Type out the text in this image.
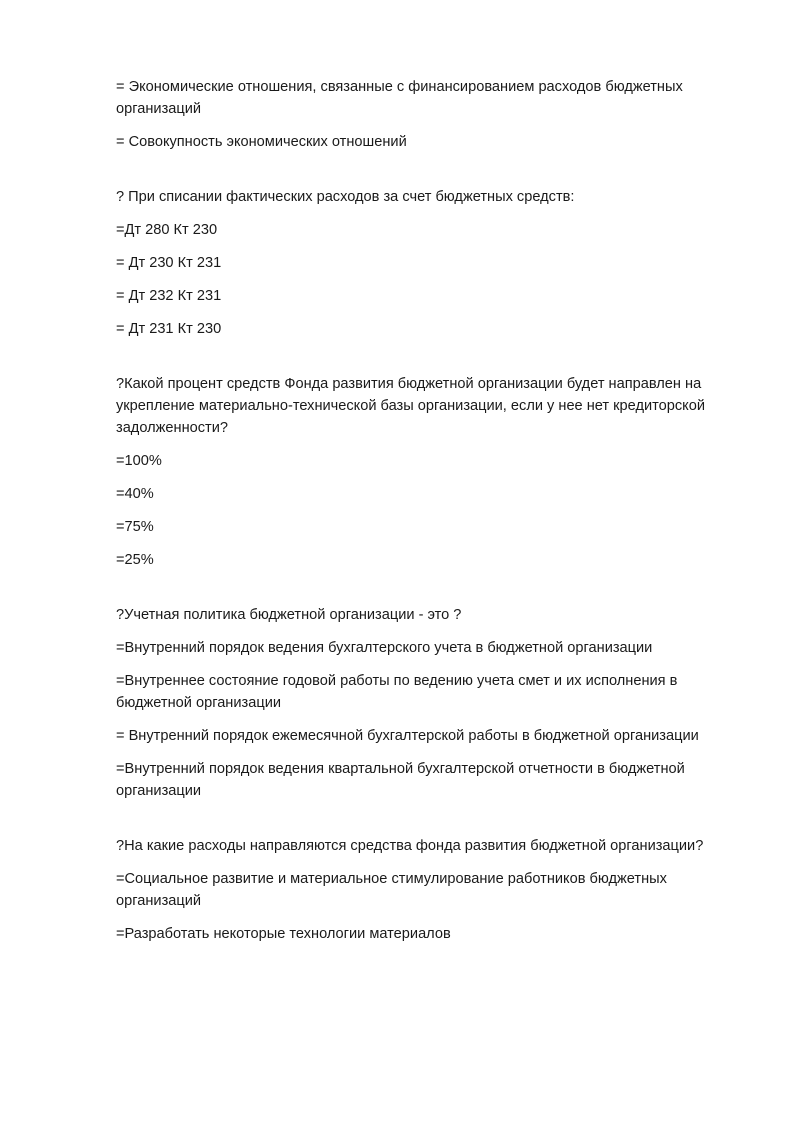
= Экономические отношения, связанные с финансированием расходов бюджетных организаций

= Совокупность экономических отношений

? При списании фактических расходов за счет бюджетных средств:

=Дт 280 Кт 230

= Дт 230 Кт 231

= Дт 232 Кт 231

= Дт 231 Кт 230

?Какой процент средств Фонда развития бюджетной организации будет направлен на укрепление материально-технической базы организации, если у нее нет кредиторской задолженности?

=100%

=40%

=75%

=25%

?Учетная политика бюджетной организации - это ?

=Внутренний порядок ведения бухгалтерского учета в бюджетной организации

=Внутреннее состояние годовой работы по ведению учета смет и их исполнения в бюджетной организации

= Внутренний порядок ежемесячной бухгалтерской работы в бюджетной организации

=Внутренний порядок ведения квартальной бухгалтерской отчетности в бюджетной организации

?На какие расходы направляются средства фонда развития бюджетной организации?

=Социальное развитие и материальное стимулирование работников бюджетных организаций

=Разработать некоторые технологии материалов
